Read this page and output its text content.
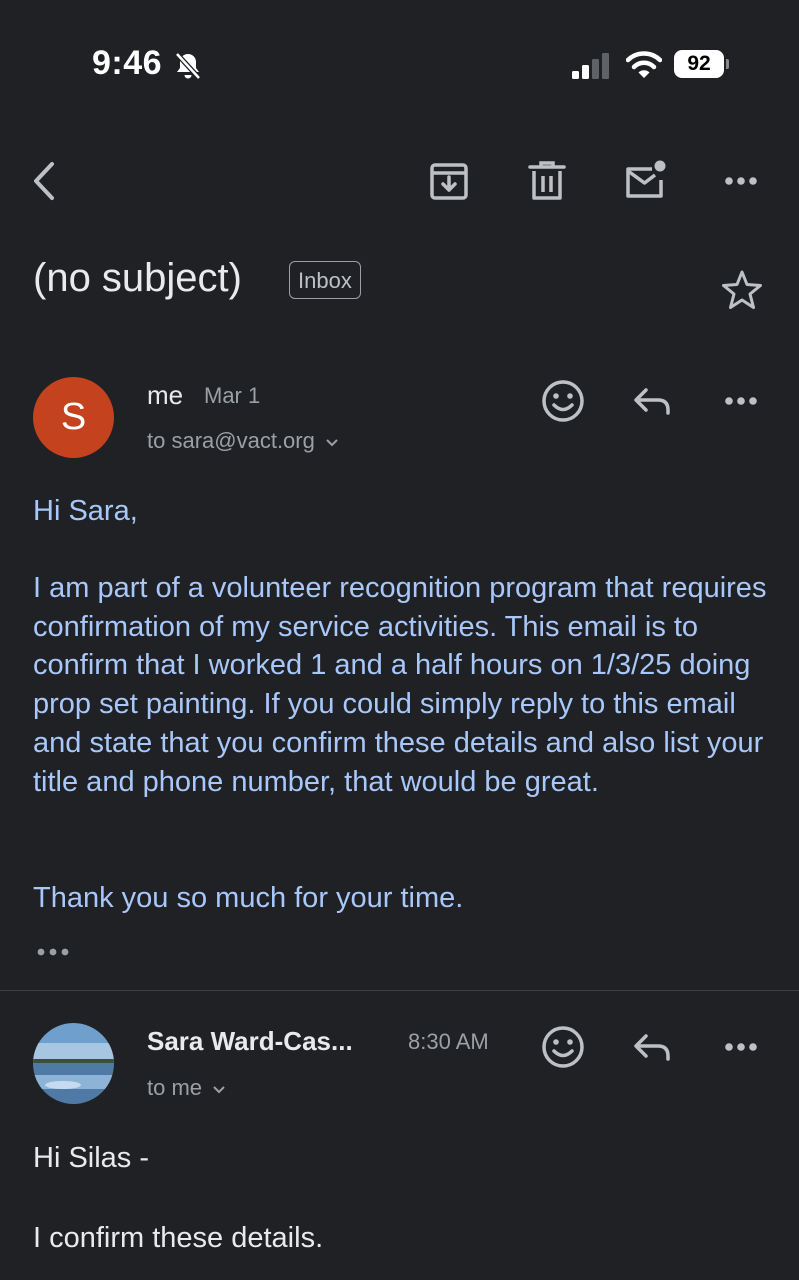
9:46	92
(no subject)	Inbox
S
me Mar 1
to sara@vact.org
Hi Sara,
I am part of a volunteer recognition program that requires confirmation of my service activities. This email is to confirm that I worked 1 and a half hours on 1/3/25 doing prop set painting. If you could simply reply to this email and state that you confirm these details and also list your title and phone number, that would be great.
Thank you so much for your time.
Sara Ward-Cas...	8:30 AM
to me
Hi Silas -
I confirm these details.
